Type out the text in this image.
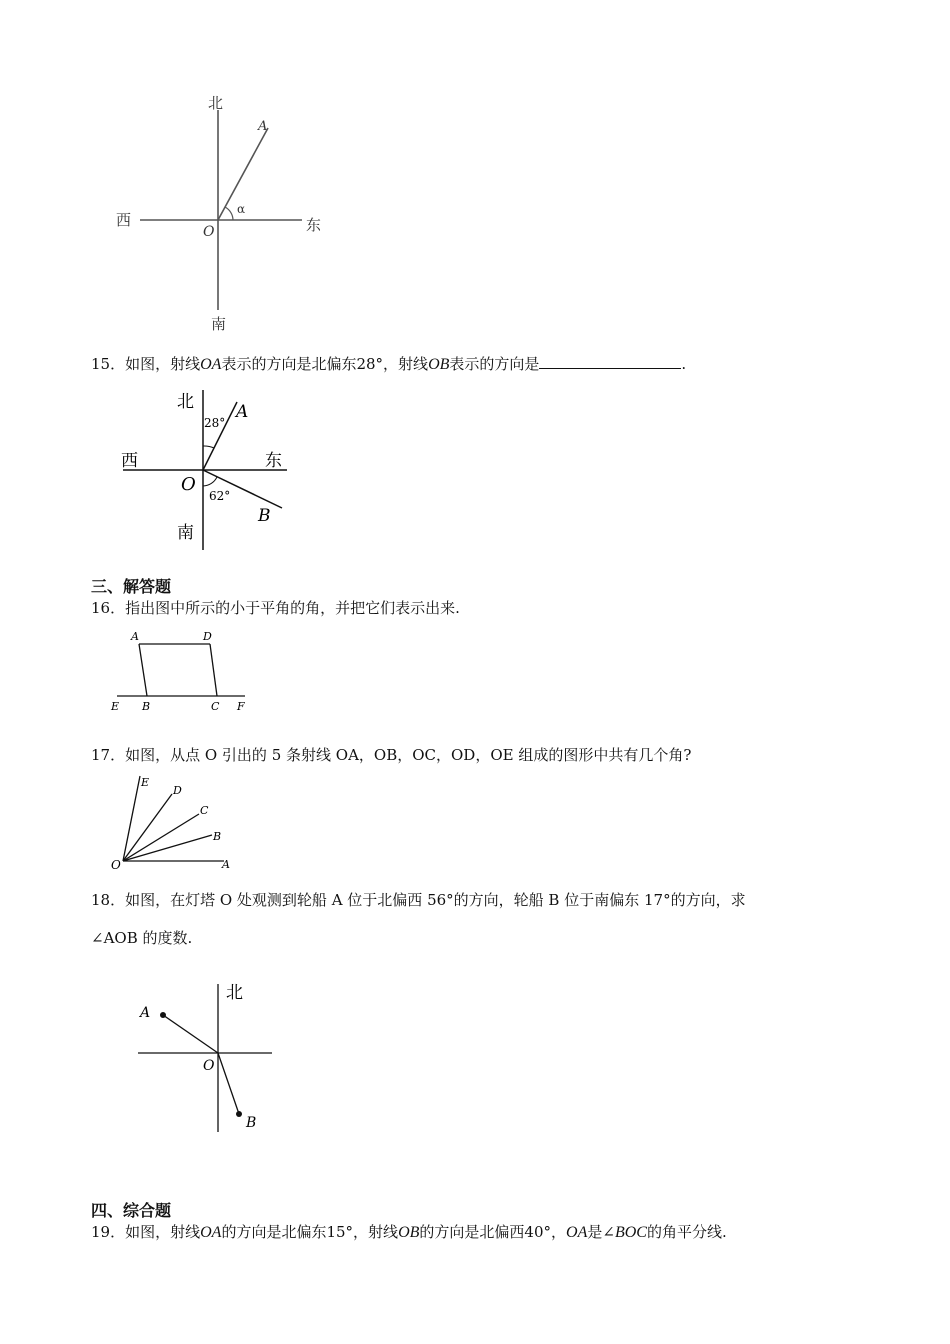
北
南
西	东
A
O
α
15．如图，射线OA表示的方向是北偏东28°，射线OB表示的方向是	.
北
南
西	东
A
B
O
28°
62°
三、解答题
16．指出图中所示的小于平角的角，并把它们表示出来.
A	D
E B	C F
17．如图，从点 O 引出的 5 条射线 OA，OB，OC，OD，OE 组成的图形中共有几个角?
E
D
C
B
A
O
18．如图，在灯塔 O 处观测到轮船 A 位于北偏西 56°的方向，轮船 B 位于南偏东 17°的方向，求
∠AOB 的度数.
北
A
O
B
四、综合题
19．如图，射线OA的方向是北偏东15°，射线OB的方向是北偏西40°，OA是∠BOC的角平分线.
